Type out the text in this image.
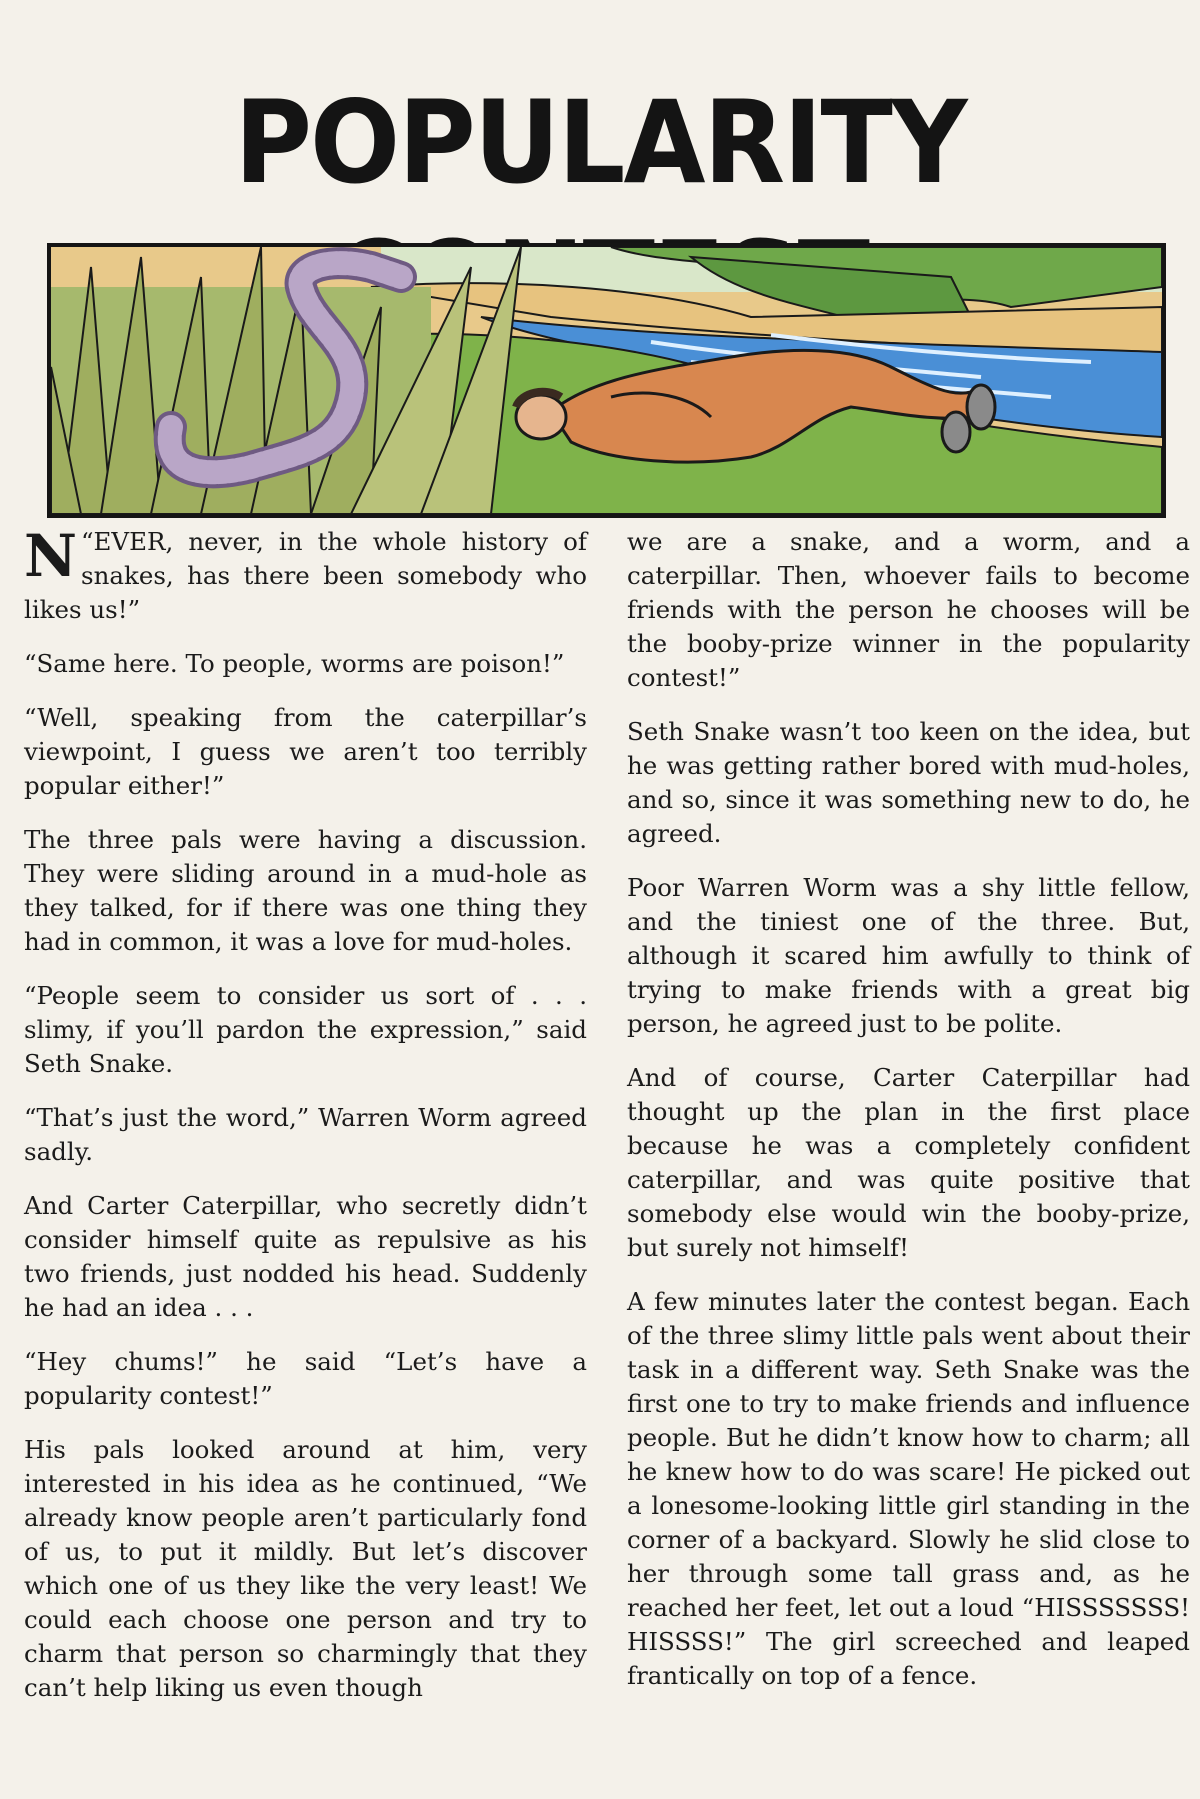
POPULARITY

“
N EVER, never, in the whole history of snakes, has there been somebody who likes us!”

“Same here. To people, worms are poison!”

“Well, speaking from the caterpillar’s viewpoint, I guess we aren’t too terribly popular either!”

The three pals were having a discussion. They were sliding around in a mud-hole as they talked, for if there was one thing they had in common, it was a love for mud-holes.

“People seem to consider us sort of . . . slimy, if you’ll pardon the expression,” said Seth Snake.

“That’s just the word,” Warren Worm agreed sadly.

And Carter Caterpillar, who secretly didn’t consider himself quite as repulsive as his two friends, just nodded his head. Suddenly he had an idea . . .

“Hey chums!” he said “Let’s have a popularity contest!”

His pals looked around at him, very interested in his idea as he continued, “We already know people aren’t particularly fond of us, to put it mildly. But let’s discover which one of us they like the very least! We could each choose one person and try to charm that person so charmingly that they can’t help liking us even though

we are a snake, and a worm, and a caterpillar. Then, whoever fails to become friends with the person he chooses will be the booby-prize winner in the popularity contest!”

Seth Snake wasn’t too keen on the idea, but he was getting rather bored with mud-holes, and so, since it was something new to do, he agreed.

Poor Warren Worm was a shy little fellow, and the tiniest one of the three. But, although it scared him awfully to think of trying to make friends with a great big person, he agreed just to be polite.

And of course, Carter Caterpillar had thought up the plan in the first place because he was a completely confident caterpillar, and was quite positive that somebody else would win the booby-prize, but surely not himself!

A few minutes later the contest began. Each of the three slimy little pals went about their task in a different way. Seth Snake was the first one to try to make friends and influence people. But he didn’t know how to charm; all he knew how to do was scare! He picked out a lonesome-looking little girl standing in the corner of a backyard. Slowly he slid close to her through some tall grass and, as he reached her feet, let out a loud “HISSSSSSS! HISSSS!” The girl screeched and leaped frantically on top of a fence.
